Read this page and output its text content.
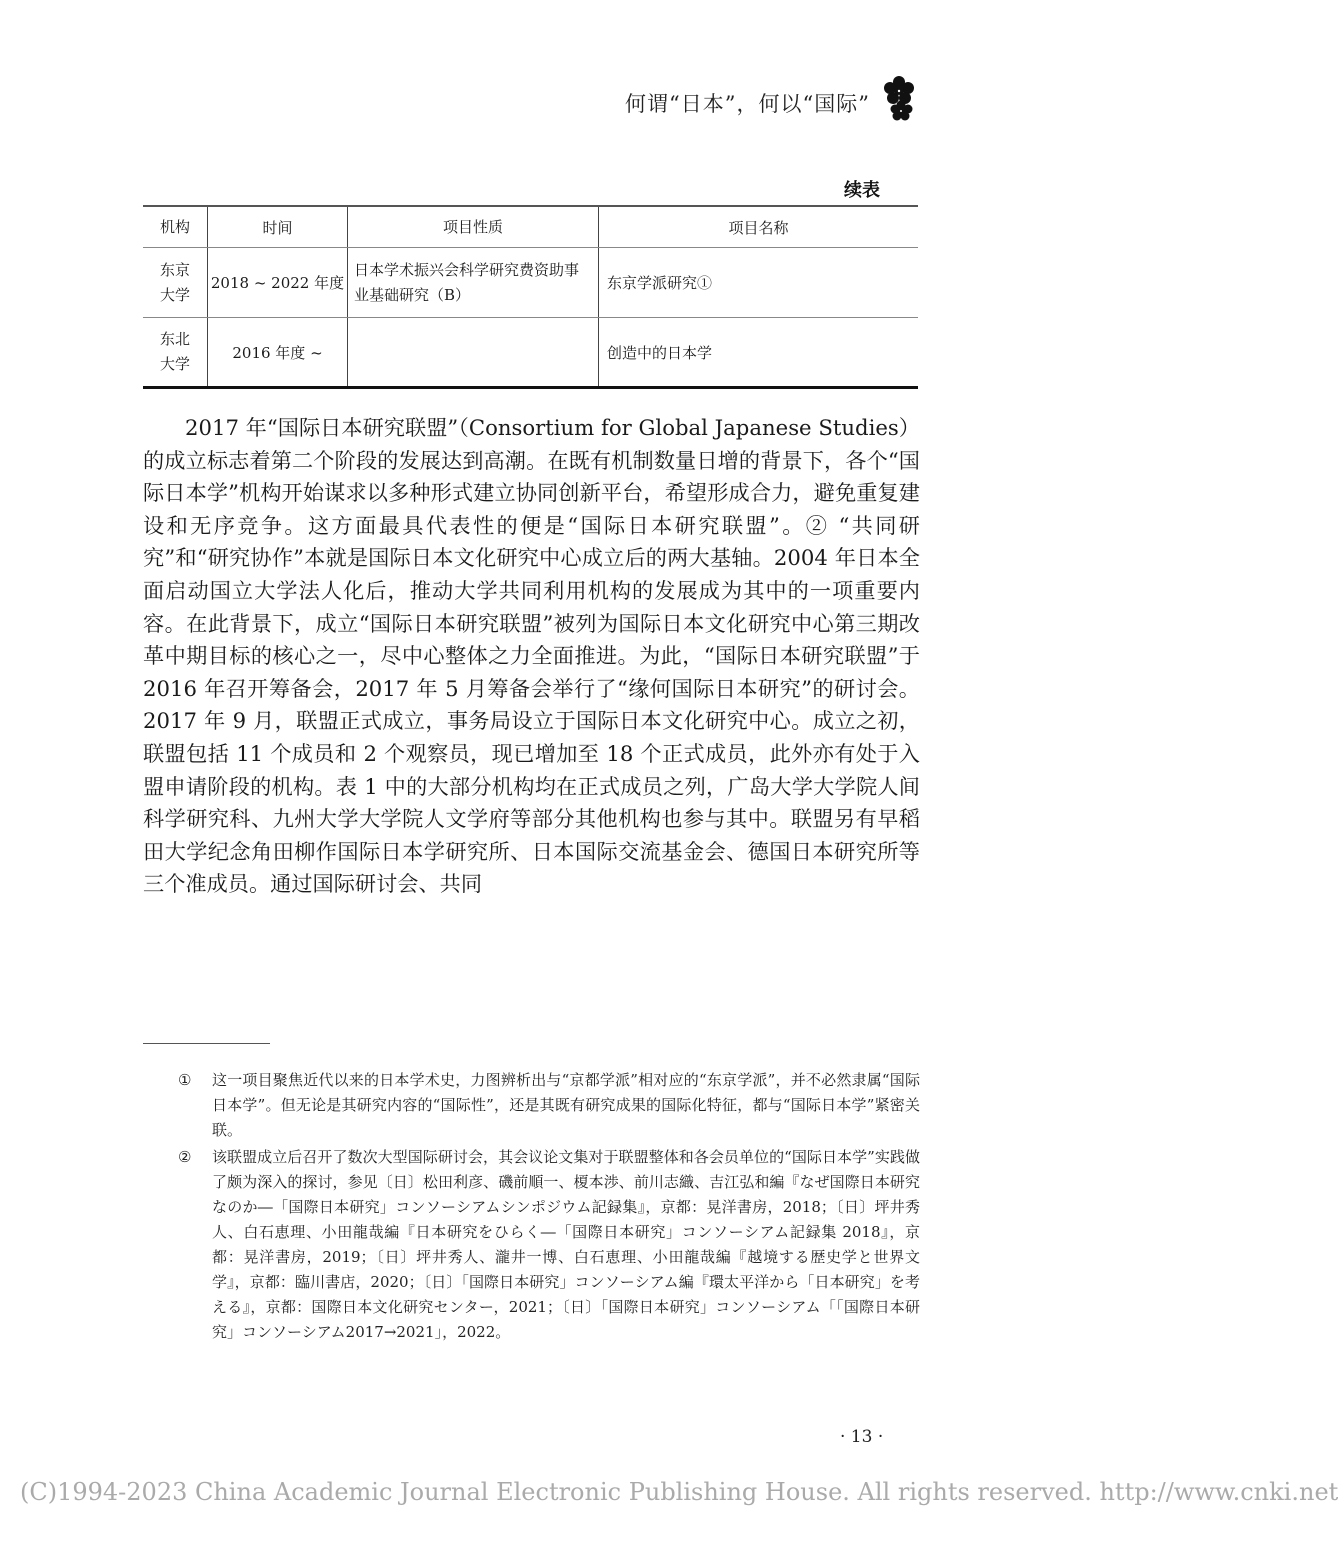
何谓“日本”，何以“国际”
续表
机构	时间	项目性质	项目名称

东京
大学	2018 ~ 2022 年度	日本学术振兴会科学研究费资助事业基础研究（B）	东京学派研究①

东北
大学	2016 年度 ~		创造中的日本学

2017 年“国际日本研究联盟”（Consortium for Global Japanese Studies）的成立标志着第二个阶段的发展达到高潮。在既有机制数量日增的背景下，各个“国际日本学”机构开始谋求以多种形式建立协同创新平台，希望形成合力，避免重复建设和无序竞争。这方面最具代表性的便是“国际日本研究联盟”。② “共同研究”和“研究协作”本就是国际日本文化研究中心成立后的两大基轴。2004 年日本全面启动国立大学法人化后，推动大学共同利用机构的发展成为其中的一项重要内容。在此背景下，成立“国际日本研究联盟”被列为国际日本文化研究中心第三期改革中期目标的核心之一，尽中心整体之力全面推进。为此，“国际日本研究联盟”于 2016 年召开筹备会，2017 年 5 月筹备会举行了“缘何国际日本研究”的研讨会。2017 年 9 月，联盟正式成立，事务局设立于国际日本文化研究中心。成立之初，联盟包括 11 个成员和 2 个观察员，现已增加至 18 个正式成员，此外亦有处于入盟申请阶段的机构。表 1 中的大部分机构均在正式成员之列，广岛大学大学院人间科学研究科、九州大学大学院人文学府等部分其他机构也参与其中。联盟另有早稻田大学纪念角田柳作国际日本学研究所、日本国际交流基金会、德国日本研究所等三个准成员。通过国际研讨会、共同

① 这一项目聚焦近代以来的日本学术史，力图辨析出与“京都学派”相对应的“东京学派”，并不必然隶属“国际日本学”。但无论是其研究内容的“国际性”，还是其既有研究成果的国际化特征，都与“国际日本学”紧密关联。

② 该联盟成立后召开了数次大型国际研讨会，其会议论文集对于联盟整体和各会员单位的“国际日本学”实践做了颇为深入的探讨，参见〔日〕松田利彦、磯前順一、榎本渉、前川志織、吉江弘和編『なぜ国際日本研究なのか―「国際日本研究」コンソーシアムシンポジウム記録集』，京都：晃洋書房，2018；〔日〕坪井秀人、白石恵理、小田龍哉編『日本研究をひらく―「国際日本研究」コンソーシアム記録集 2018』，京都：晃洋書房，2019；〔日〕坪井秀人、瀧井一博、白石恵理、小田龍哉編『越境する歴史学と世界文学』，京都：臨川書店，2020；〔日〕「国際日本研究」コンソーシアム編『環太平洋から「日本研究」を考える』，京都：国際日本文化研究センター，2021；〔日〕「国際日本研究」コンソーシアム「「国際日本研究」コンソーシアム2017→2021」，2022。

· 13 ·
(C)1994-2023 China Academic Journal Electronic Publishing House. All rights reserved. http://www.cnki.net
